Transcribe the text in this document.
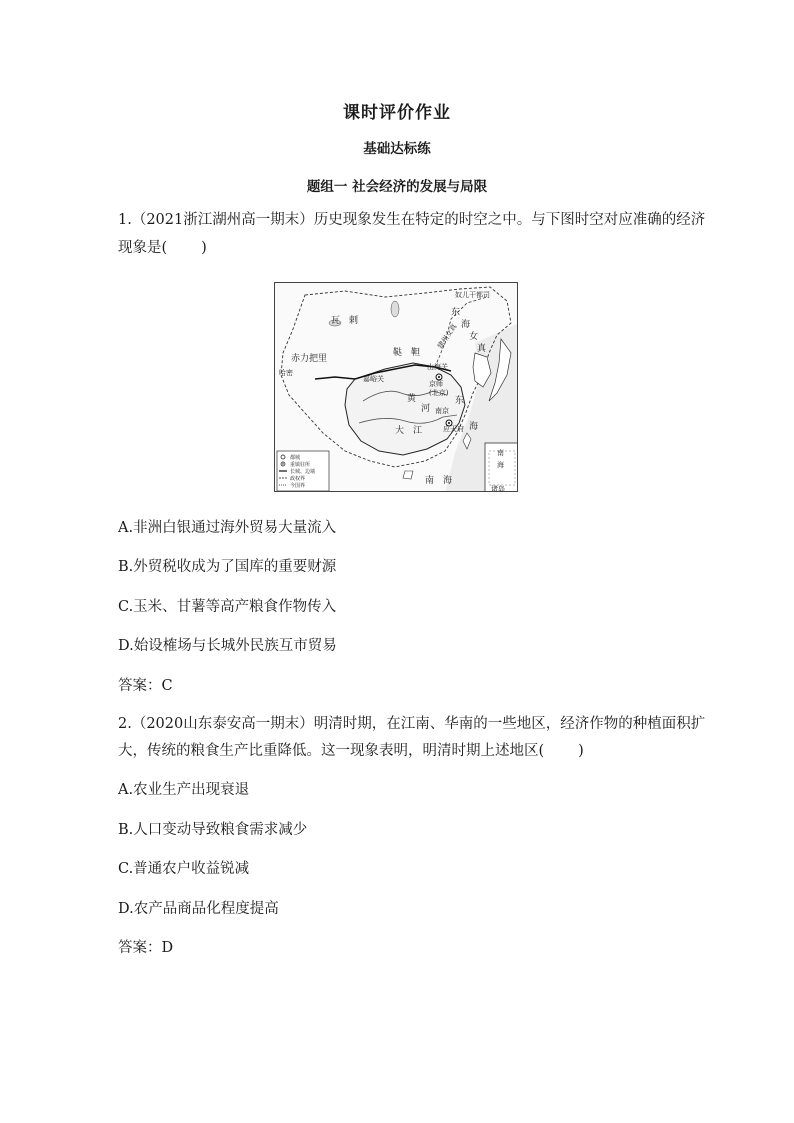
课时评价作业
基础达标练
题组一 社会经济的发展与局限
1.（2021浙江湖州高一期末）历史现象发生在特定的时空之中。与下图时空对应准确的经济
现象是( )
奴儿干都司
瓦　剌
鞑　靼
赤力把里
哈密
嘉峪关
山海关
京师
(北京)
南京
应天府
黄
河
东
海
大　江
南　海
东
海
女
真
建州女真
南
海
诸岛
都城
重镇驻所
长城、边墙
政权界
今国界
A.非洲白银通过海外贸易大量流入
B.外贸税收成为了国库的重要财源
C.玉米、甘薯等高产粮食作物传入
D.始设榷场与长城外民族互市贸易
答案：C
2.（2020山东泰安高一期末）明清时期，在江南、华南的一些地区，经济作物的种植面积扩
大，传统的粮食生产比重降低。这一现象表明，明清时期上述地区( )
A.农业生产出现衰退
B.人口变动导致粮食需求减少
C.普通农户收益锐减
D.农产品商品化程度提高
答案：D
